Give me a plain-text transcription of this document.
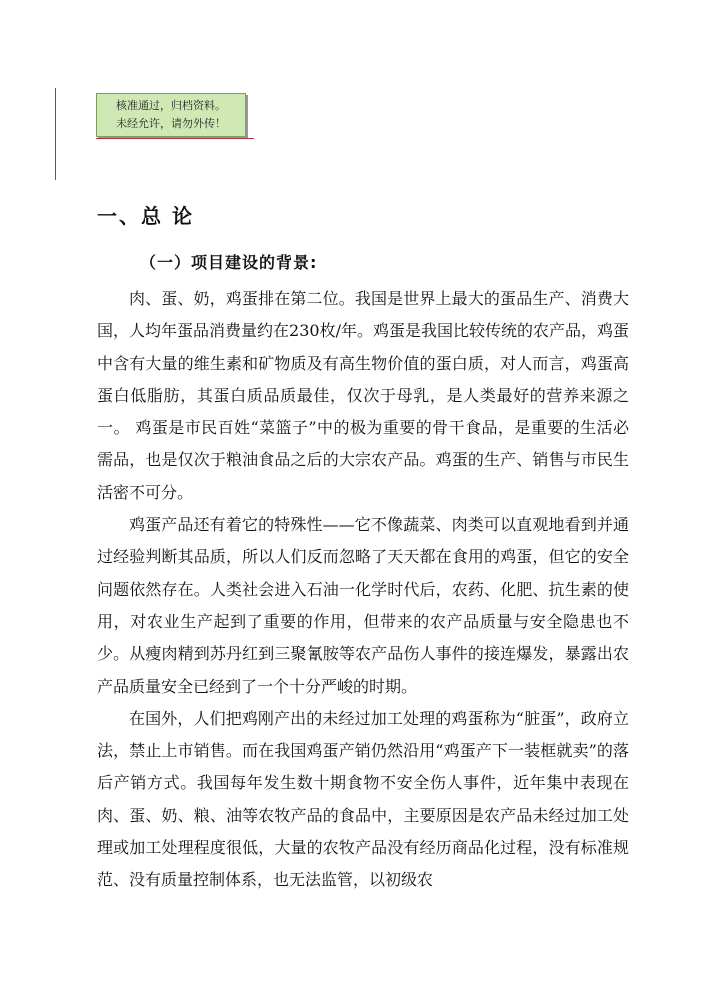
核准通过，归档资料。
未经允许，请勿外传！
一、总 论
（一）项目建设的背景:

肉、蛋、奶，鸡蛋排在第二位。我国是世界上最大的蛋品生产、消费大国，人均年蛋品消费量约在230枚/年。鸡蛋是我国比较传统的农产品，鸡蛋中含有大量的维生素和矿物质及有高生物价值的蛋白质，对人而言，鸡蛋高蛋白低脂肪，其蛋白质品质最佳，仅次于母乳，是人类最好的营养来源之一。 鸡蛋是市民百姓“菜篮子”中的极为重要的骨干食品，是重要的生活必需品，也是仅次于粮油食品之后的大宗农产品。鸡蛋的生产、销售与市民生活密不可分。

鸡蛋产品还有着它的特殊性——它不像蔬菜、肉类可以直观地看到并通过经验判断其品质，所以人们反而忽略了天天都在食用的鸡蛋，但它的安全问题依然存在。人类社会进入石油一化学时代后，农药、化肥、抗生素的使用，对农业生产起到了重要的作用，但带来的农产品质量与安全隐患也不少。从瘦肉精到苏丹红到三聚氰胺等农产品伤人事件的接连爆发，暴露出农产品质量安全已经到了一个十分严峻的时期。

在国外，人们把鸡刚产出的未经过加工处理的鸡蛋称为“脏蛋”，政府立法，禁止上市销售。而在我国鸡蛋产销仍然沿用“鸡蛋产下一装框就卖”的落后产销方式。我国每年发生数十期食物不安全伤人事件，近年集中表现在肉、蛋、奶、粮、油等农牧产品的食品中，主要原因是农产品未经过加工处理或加工处理程度很低，大量的农牧产品没有经历商品化过程，没有标准规范、没有质量控制体系，也无法监管，以初级农
